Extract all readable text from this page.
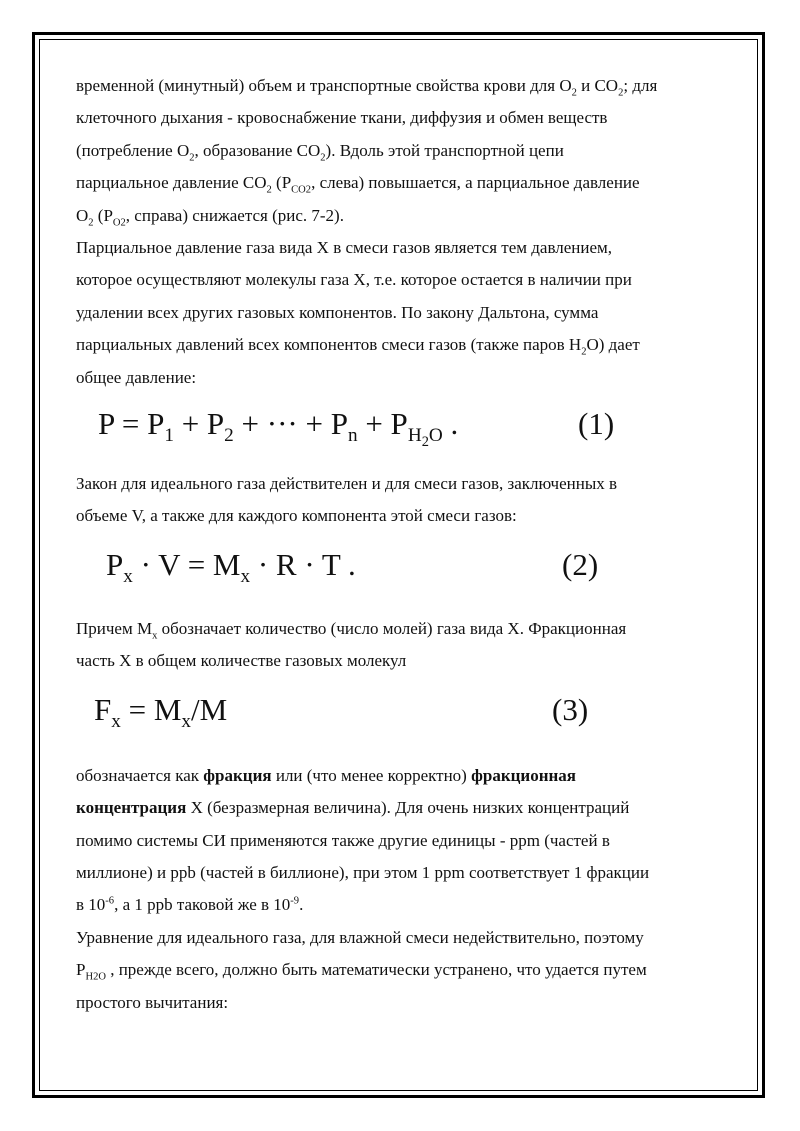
временной (минутный) объем и транспортные свойства крови для $O_2$ и $CO_2$; для

клеточного дыхания - кровоснабжение ткани, диффузия и обмен веществ

(потребление $O_2$, образование $CO_2$). Вдоль этой транспортной цепи

парциальное давление $CO_2$ ($P_{CO2}$, слева) повышается, а парциальное давление

$O_2$ ($P_{O2}$, справа) снижается (рис. 7-2).

Парциальное давление газа вида X в смеси газов является тем давлением,

которое осуществляют молекулы газа X, т.е. которое остается в наличии при

удалении всех других газовых компонентов. По закону Дальтона, сумма

парциальных давлений всех компонентов смеси газов (также паров $H_2O$) дает

общее давление:

$P = P_1 + P_2$ + ··· + $P_n + P_{H_2O}$ .	(1)

Закон для идеального газа действителен и для смеси газов, заключенных в

объеме V, а также для каждого компонента этой смеси газов:

$P_x \cdot V = M_x \cdot R \cdot T$ .	(2)

Причем $M_x$ обозначает количество (число молей) газа вида X. Фракционная

часть X в общем количестве газовых молекул

$F_x = M_x/M$	(3)

обозначается как фракция или (что менее корректно) фракционная

концентрация X (безразмерная величина). Для очень низких концентраций

помимо системы СИ применяются также другие единицы - ppm (частей в

миллионе) и ppb (частей в биллионе), при этом 1 ppm соответствует 1 фракции

в $10^{-6}$, а 1 ppb таковой же в $10^{-9}$.

Уравнение для идеального газа, для влажной смеси недействительно, поэтому

$P_{H2O}$ , прежде всего, должно быть математически устранено, что удается путем

простого вычитания:
